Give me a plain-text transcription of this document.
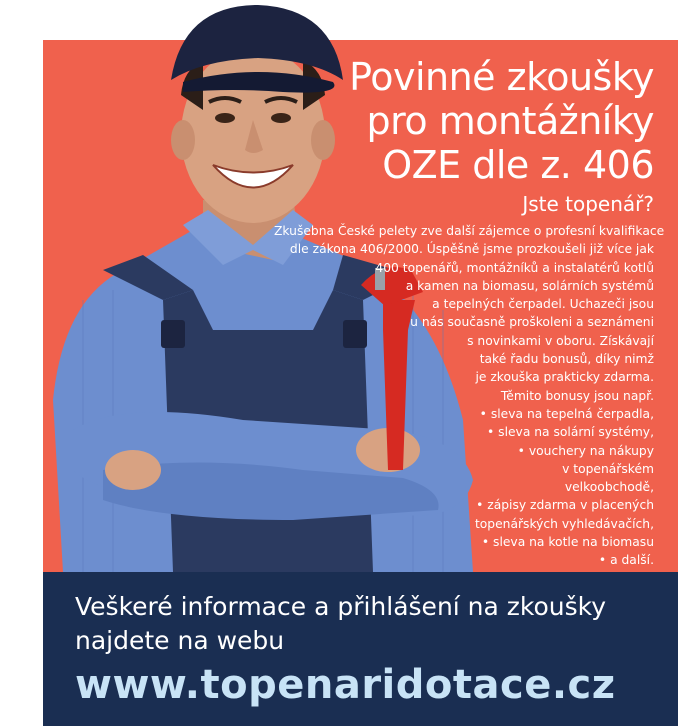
Povinné zkoušky
pro montážníky
OZE dle z. 406
Jste topenář?
Zkušebna České pelety zve další zájemce o profesní kvalifikace
dle zákona 406/2000. Úspěšně jsme prozkoušeli již více jak
400 topenářů, montážníků a instalatérů kotlů
a kamen na biomasu, solárních systémů
a tepelných čerpadel. Uchazeči jsou
u nás současně proškoleni a seznámeni
s novinkami v oboru. Získávají
také řadu bonusů, díky nimž
je zkouška prakticky zdarma.
Těmito bonusy jsou např.
• sleva na tepelná čerpadla,
• sleva na solární systémy,
• vouchery na nákupy
v topenářském
velkoobchodě,
• zápisy zdarma v placených
topenářských vyhledávačích,
• sleva na kotle na biomasu
• a další.
Veškeré informace a přihlášení na zkoušky
najdete na webu
www.topenaridotace.cz
